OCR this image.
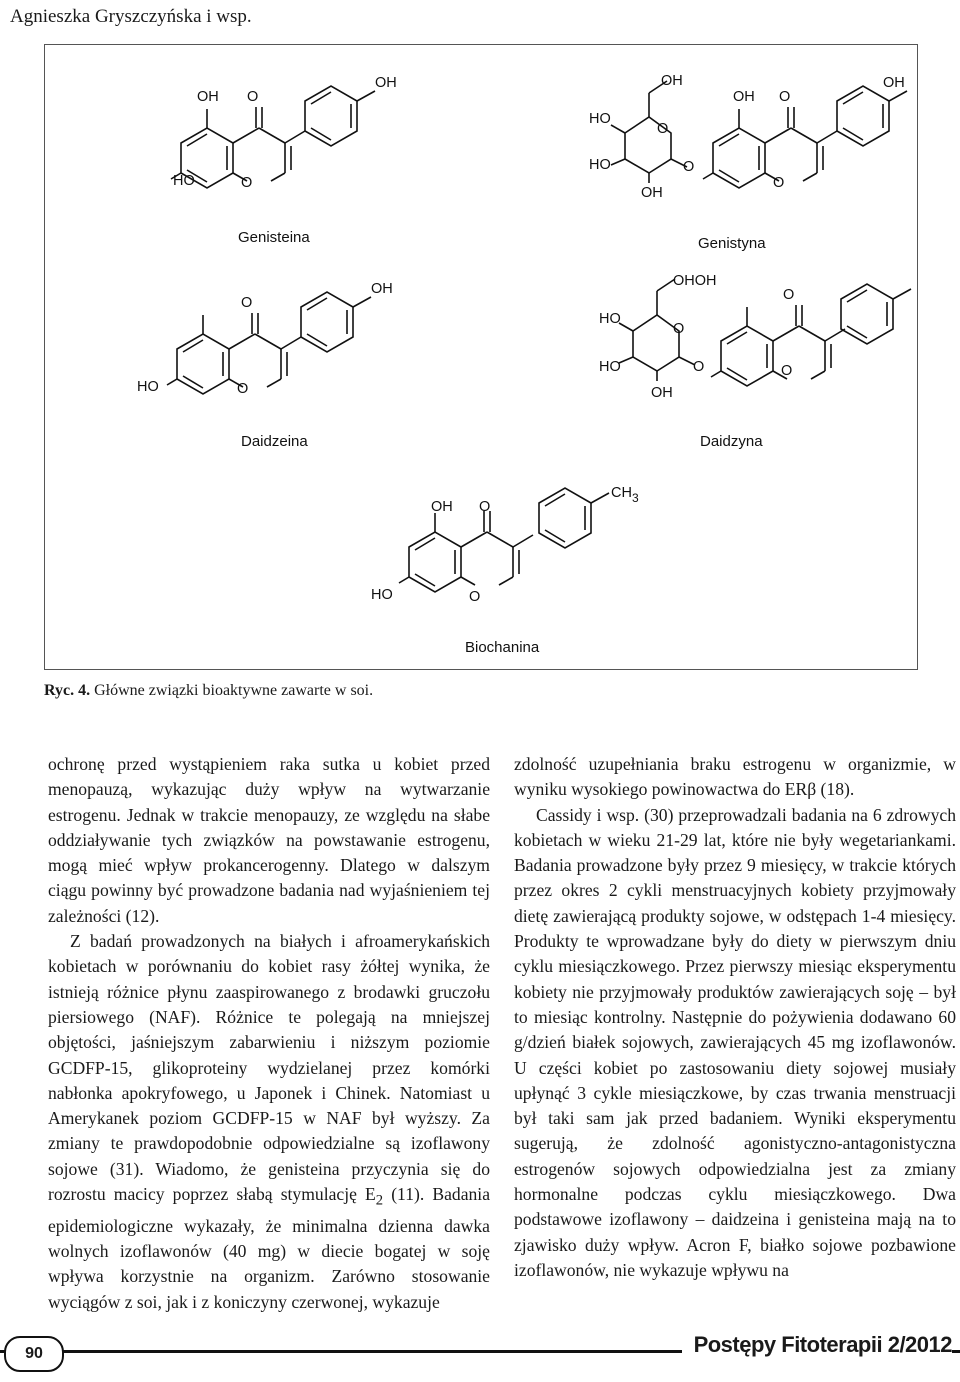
Agnieszka Gryszczyńska i wsp.
HO
OH O
O
OH
Genisteina
HO
HO
OH
O
OH
O
OH O
O
OH
Genistyna
HO
O
O
OH
Daidzeina
HO
HO
OHOH
O
OH
O
O
O
Daidzyna
HO
OH O
O
$CH_3$
Biochanina
Ryc. 4. Główne związki bioaktywne zawarte w soi.

ochronę przed wystąpieniem raka sutka u kobiet przed menopauzą, wykazując duży wpływ na wytwarzanie estrogenu. Jednak w trakcie menopauzy, ze względu na słabe oddziaływanie tych związków na powstawanie estrogenu, mogą mieć wpływ prokancerogenny. Dlatego w dalszym ciągu powinny być prowadzone badania nad wyjaśnieniem tej zależności (12).

Z badań prowadzonych na białych i afroamerykańskich kobietach w porównaniu do kobiet rasy żółtej wynika, że istnieją różnice płynu zaaspirowanego z brodawki gruczołu piersiowego (NAF). Różnice te polegają na mniejszej objętości, jaśniejszym zabarwieniu i niższym poziomie GCDFP-15, glikoproteiny wydzielanej przez komórki nabłonka apokryfowego, u Japonek i Chinek. Natomiast u Amerykanek poziom GCDFP-15 w NAF był wyższy. Za zmiany te prawdopodobnie odpowiedzialne są izoflawony sojowe (31). Wiadomo, że genisteina przyczynia się do rozrostu macicy poprzez słabą stymulację $E_2$ (11). Badania epidemiologiczne wykazały, że minimalna dzienna dawka wolnych izoflawonów (40 mg) w diecie bogatej w soję wpływa korzystnie na organizm. Zarówno stosowanie wyciągów z soi, jak i z koniczyny czerwonej, wykazuje

zdolność uzupełniania braku estrogenu w organizmie, w wyniku wysokiego powinowactwa do ERβ (18).

Cassidy i wsp. (30) przeprowadzali badania na 6 zdrowych kobietach w wieku 21-29 lat, które nie były wegetariankami. Badania prowadzone były przez 9 miesięcy, w trakcie których przez okres 2 cykli menstruacyjnych kobiety przyjmowały dietę zawierającą produkty sojowe, w odstępach 1-4 miesięcy. Produkty te wprowadzane były do diety w pierwszym dniu cyklu miesiączkowego. Przez pierwszy miesiąc eksperymentu kobiety nie przyjmowały produktów zawierających soję – był to miesiąc kontrolny. Następnie do pożywienia dodawano 60 g/dzień białek sojowych, zawierających 45 mg izoflawonów. U części kobiet po zastosowaniu diety sojowej musiały upłynąć 3 cykle miesiączkowe, by czas trwania menstruacji był taki sam jak przed badaniem. Wyniki eksperymentu sugerują, że zdolność agonistyczno-antagonistyczna estrogenów sojowych odpowiedzialna jest za zmiany hormonalne podczas cyklu miesiączkowego. Dwa podstawowe izoflawony – daidzeina i genisteina mają na to zjawisko duży wpływ. Acron F, białko sojowe pozbawione izoflawonów, nie wykazuje wpływu na

90	Postępy Fitoterapii 2/2012
